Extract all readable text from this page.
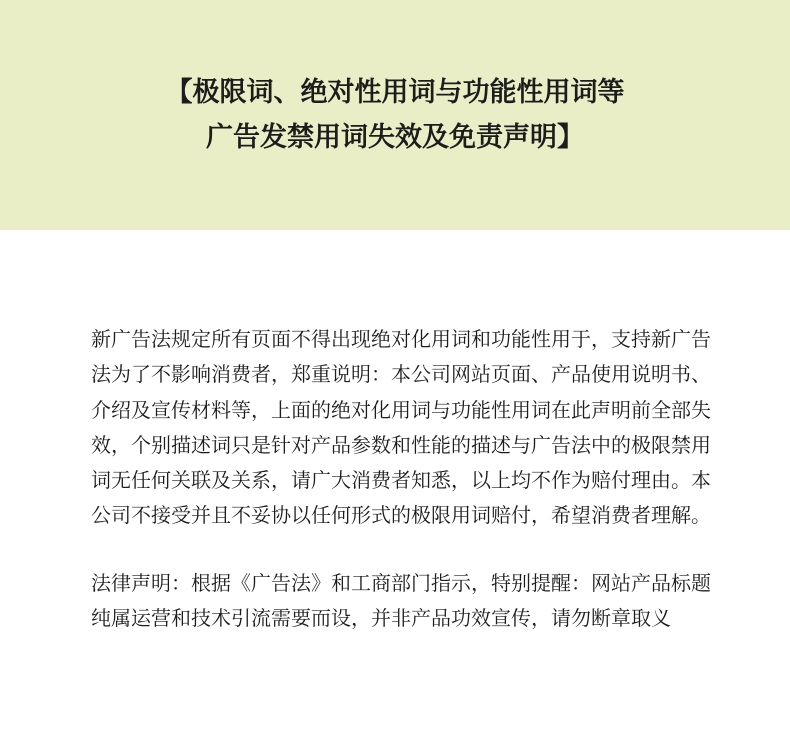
【极限词、绝对性用词与功能性用词等
广告发禁用词失效及免责声明】

新广告法规定所有页面不得出现绝对化用词和功能性用于，支持新广告法为了不影响消费者，郑重说明：本公司网站页面、产品使用说明书、介绍及宣传材料等，上面的绝对化用词与功能性用词在此声明前全部失效，个别描述词只是针对产品参数和性能的描述与广告法中的极限禁用词无任何关联及关系，请广大消费者知悉，以上均不作为赔付理由。本公司不接受并且不妥协以任何形式的极限用词赔付，希望消费者理解。

法律声明：根据《广告法》和工商部门指示，特别提醒：网站产品标题纯属运营和技术引流需要而设，并非产品功效宣传，请勿断章取义
